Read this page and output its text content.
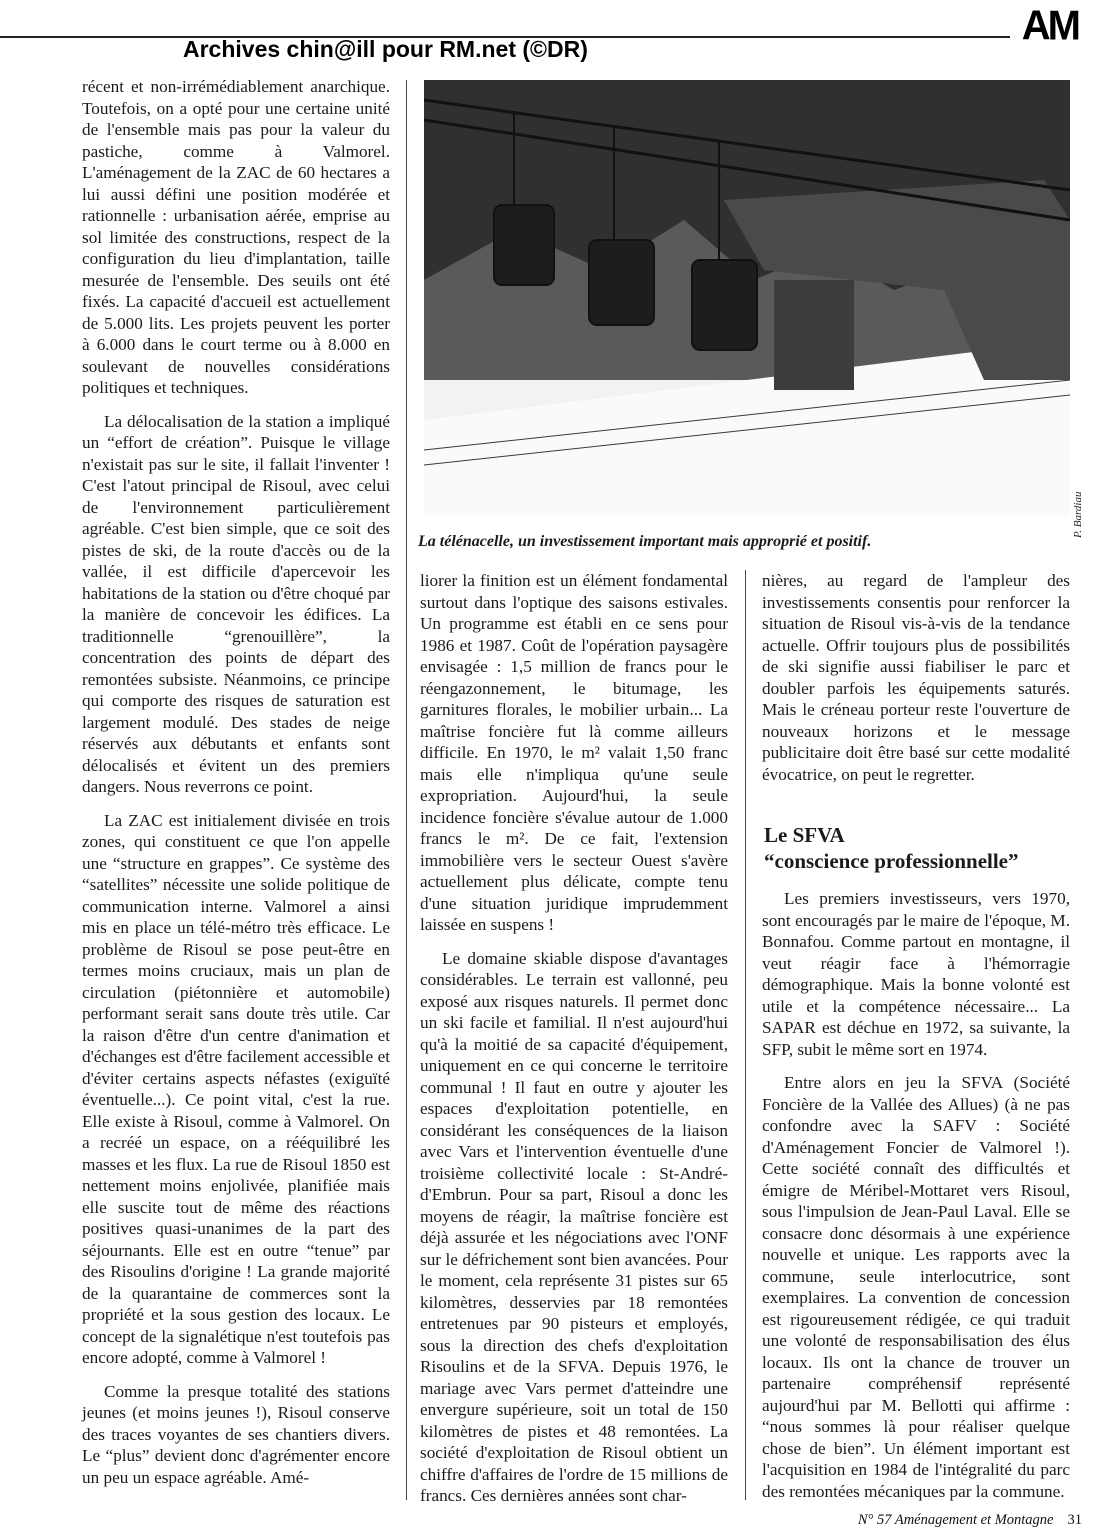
AM
Archives chin@ill pour RM.net (©DR)

récent et non-irrémédiablement anarchique. Toutefois, on a opté pour une certaine unité de l'ensemble mais pas pour la valeur du pastiche, comme à Valmorel. L'aménagement de la ZAC de 60 hectares a lui aussi défini une position modérée et rationnelle : urbanisation aérée, emprise au sol limitée des constructions, respect de la configuration du lieu d'implantation, taille mesurée de l'ensemble. Des seuils ont été fixés. La capacité d'accueil est actuellement de 5.000 lits. Les projets peuvent les porter à 6.000 dans le court terme ou à 8.000 en soulevant de nouvelles considérations politiques et techniques.

La délocalisation de la station a impliqué un “effort de création”. Puisque le village n'existait pas sur le site, il fallait l'inventer ! C'est l'atout principal de Risoul, avec celui de l'environnement particulièrement agréable. C'est bien simple, que ce soit des pistes de ski, de la route d'accès ou de la vallée, il est difficile d'apercevoir les habitations de la station ou d'être choqué par la manière de concevoir les édifices. La traditionnelle “grenouillère”, la concentration des points de départ des remontées subsiste. Néanmoins, ce principe qui comporte des risques de saturation est largement modulé. Des stades de neige réservés aux débutants et enfants sont délocalisés et évitent un des premiers dangers. Nous reverrons ce point.

La ZAC est initialement divisée en trois zones, qui constituent ce que l'on appelle une “structure en grappes”. Ce système des “satellites” nécessite une solide politique de communication interne. Valmorel a ainsi mis en place un télé-métro très efficace. Le problème de Risoul se pose peut-être en termes moins cruciaux, mais un plan de circulation (piétonnière et automobile) performant serait sans doute très utile. Car la raison d'être d'un centre d'animation et d'échanges est d'être facilement accessible et d'éviter certains aspects néfastes (exiguïté éventuelle...). Ce point vital, c'est la rue. Elle existe à Risoul, comme à Valmorel. On a recréé un espace, on a rééquilibré les masses et les flux. La rue de Risoul 1850 est nettement moins enjolivée, planifiée mais elle suscite tout de même des réactions positives quasi-unanimes de la part des séjournants. Elle est en outre “tenue” par des Risoulins d'origine ! La grande majorité de la quarantaine de commerces sont la propriété et la sous gestion des locaux. Le concept de la signalétique n'est toutefois pas encore adopté, comme à Valmorel !

Comme la presque totalité des stations jeunes (et moins jeunes !), Risoul conserve des traces voyantes de ses chantiers divers. Le “plus” devient donc d'agrémenter encore un peu un espace agréable. Amé-

P. Bardiau
La télénacelle, un investissement important mais approprié et positif.

liorer la finition est un élément fondamental surtout dans l'optique des saisons estivales. Un programme est établi en ce sens pour 1986 et 1987. Coût de l'opération paysagère envisagée : 1,5 million de francs pour le réengazonnement, le bitumage, les garnitures florales, le mobilier urbain... La maîtrise foncière fut là comme ailleurs difficile. En 1970, le m² valait 1,50 franc mais elle n'impliqua qu'une seule expropriation. Aujourd'hui, la seule incidence foncière s'évalue autour de 1.000 francs le m². De ce fait, l'extension immobilière vers le secteur Ouest s'avère actuellement plus délicate, compte tenu d'une situation juridique imprudemment laissée en suspens !

Le domaine skiable dispose d'avantages considérables. Le terrain est vallonné, peu exposé aux risques naturels. Il permet donc un ski facile et familial. Il n'est aujourd'hui qu'à la moitié de sa capacité d'équipement, uniquement en ce qui concerne le territoire communal ! Il faut en outre y ajouter les espaces d'exploitation potentielle, en considérant les conséquences de la liaison avec Vars et l'intervention éventuelle d'une troisième collectivité locale : St-André-d'Embrun. Pour sa part, Risoul a donc les moyens de réagir, la maîtrise foncière est déjà assurée et les négociations avec l'ONF sur le défrichement sont bien avancées. Pour le moment, cela représente 31 pistes sur 65 kilomètres, desservies par 18 remontées entretenues par 90 pisteurs et employés, sous la direction des chefs d'exploitation Risoulins et de la SFVA. Depuis 1976, le mariage avec Vars permet d'atteindre une envergure supérieure, soit un total de 150 kilomètres de pistes et 48 remontées. La société d'exploitation de Risoul obtient un chiffre d'affaires de l'ordre de 15 millions de francs. Ces dernières années sont char-

nières, au regard de l'ampleur des investissements consentis pour renforcer la situation de Risoul vis-à-vis de la tendance actuelle. Offrir toujours plus de possibilités de ski signifie aussi fiabiliser le parc et doubler parfois les équipements saturés. Mais le créneau porteur reste l'ouverture de nouveaux horizons et le message publicitaire doit être basé sur cette modalité évocatrice, on peut le regretter.

Le SFVA
“conscience professionnelle”

Les premiers investisseurs, vers 1970, sont encouragés par le maire de l'époque, M. Bonnafou. Comme partout en montagne, il veut réagir face à l'hémorragie démographique. Mais la bonne volonté est utile et la compétence nécessaire... La SAPAR est déchue en 1972, sa suivante, la SFP, subit le même sort en 1974.

Entre alors en jeu la SFVA (Société Foncière de la Vallée des Allues) (à ne pas confondre avec la SAFV : Société d'Aménagement Foncier de Valmorel !). Cette société connaît des difficultés et émigre de Méribel-Mottaret vers Risoul, sous l'impulsion de Jean-Paul Laval. Elle se consacre donc désormais à une expérience nouvelle et unique. Les rapports avec la commune, seule interlocutrice, sont exemplaires. La convention de concession est rigoureusement rédigée, ce qui traduit une volonté de responsabilisation des élus locaux. Ils ont la chance de trouver un partenaire compréhensif représenté aujourd'hui par M. Bellotti qui affirme : “nous sommes là pour réaliser quelque chose de bien”. Un élément important est l'acquisition en 1984 de l'intégralité du parc des remontées mécaniques par la commune.

N° 57 Aménagement et Montagne 31
